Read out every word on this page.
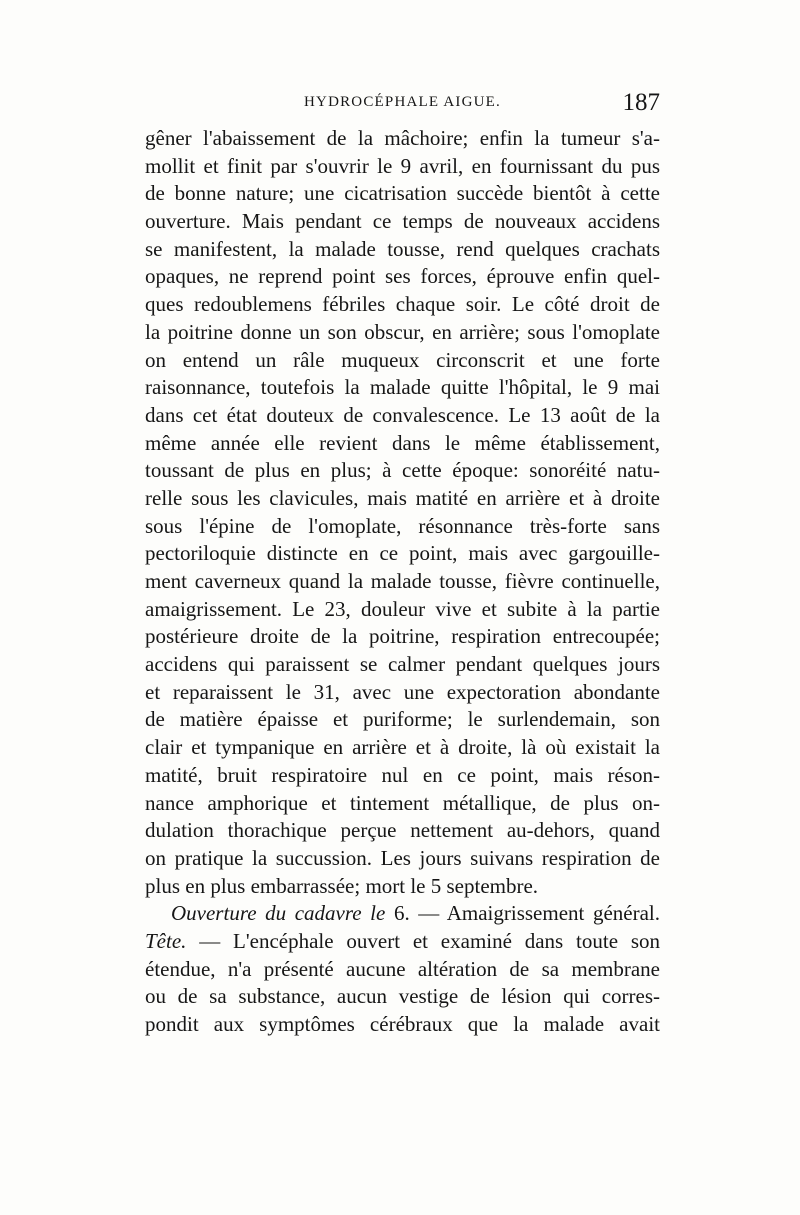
HYDROCÉPHALE AIGUE.	187
gêner l'abaissement de la mâchoire; enfin la tumeur s'a-
mollit et finit par s'ouvrir le 9 avril, en fournissant du pus
de bonne nature; une cicatrisation succède bientôt à cette
ouverture. Mais pendant ce temps de nouveaux accidens
se manifestent, la malade tousse, rend quelques crachats
opaques, ne reprend point ses forces, éprouve enfin quel-
ques redoublemens fébriles chaque soir. Le côté droit de
la poitrine donne un son obscur, en arrière; sous l'omoplate
on entend un râle muqueux circonscrit et une forte
raisonnance, toutefois la malade quitte l'hôpital, le 9 mai
dans cet état douteux de convalescence. Le 13 août de la
même année elle revient dans le même établissement,
toussant de plus en plus; à cette époque: sonoréité natu-
relle sous les clavicules, mais matité en arrière et à droite
sous l'épine de l'omoplate, résonnance très-forte sans
pectoriloquie distincte en ce point, mais avec gargouille-
ment caverneux quand la malade tousse, fièvre continuelle,
amaigrissement. Le 23, douleur vive et subite à la partie
postérieure droite de la poitrine, respiration entrecoupée;
accidens qui paraissent se calmer pendant quelques jours
et reparaissent le 31, avec une expectoration abondante
de matière épaisse et puriforme; le surlendemain, son
clair et tympanique en arrière et à droite, là où existait la
matité, bruit respiratoire nul en ce point, mais réson-
nance amphorique et tintement métallique, de plus on-
dulation thorachique perçue nettement au-dehors, quand
on pratique la succussion. Les jours suivans respiration de
plus en plus embarrassée; mort le 5 septembre.
Ouverture du cadavre le 6. — Amaigrissement général.
Tête. — L'encéphale ouvert et examiné dans toute son
étendue, n'a présenté aucune altération de sa membrane
ou de sa substance, aucun vestige de lésion qui corres-
pondit aux symptômes cérébraux que la malade avait
